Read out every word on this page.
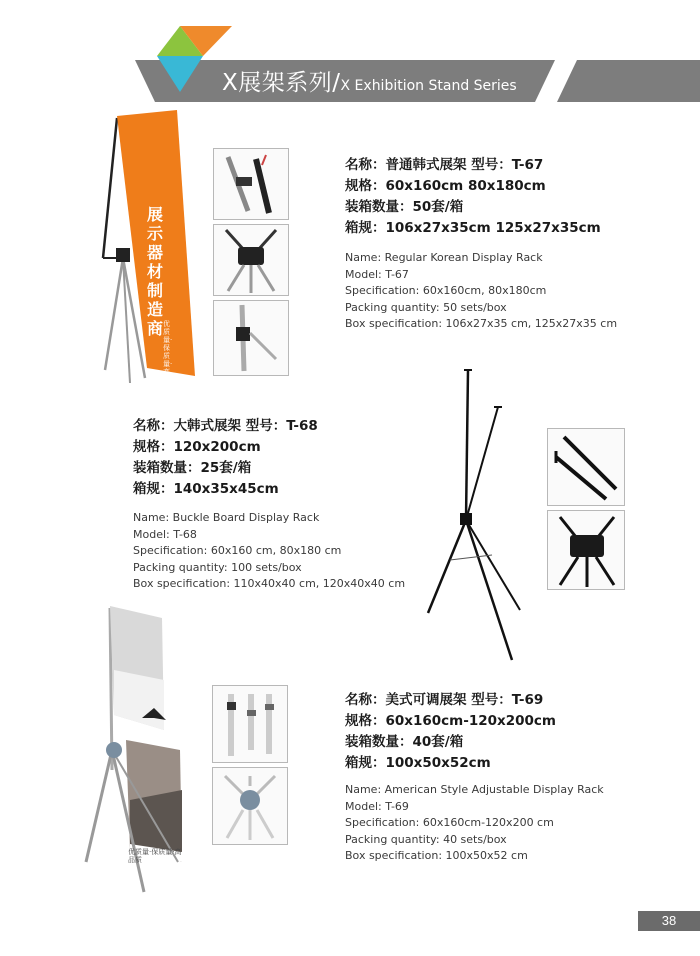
X展架系列/X Exhibition Stand Series
展示器材制造商 优质量·保质量·高品质
名称：普通韩式展架 型号：T-67
规格：60x160cm 80x180cm
装箱数量：50套/箱
箱规：106x27x35cm 125x27x35cm
Name: Regular Korean Display Rack
Model: T-67
Specification: 60x160cm, 80x180cm
Packing quantity: 50 sets/box
Box specification: 106x27x35 cm, 125x27x35 cm
名称：大韩式展架 型号：T-68
规格：120x200cm
装箱数量：25套/箱
箱规：140x35x45cm
Name: Buckle Board Display Rack
Model: T-68
Specification: 60x160 cm, 80x180 cm
Packing quantity: 100 sets/box
Box specification: 110x40x40 cm, 120x40x40 cm
优质量·保质量·高品质
名称：美式可调展架 型号：T-69
规格：60x160cm-120x200cm
装箱数量：40套/箱
箱规：100x50x52cm
Name: American Style Adjustable Display Rack
Model: T-69
Specification: 60x160cm-120x200 cm
Packing quantity: 40 sets/box
Box specification: 100x50x52 cm
38
